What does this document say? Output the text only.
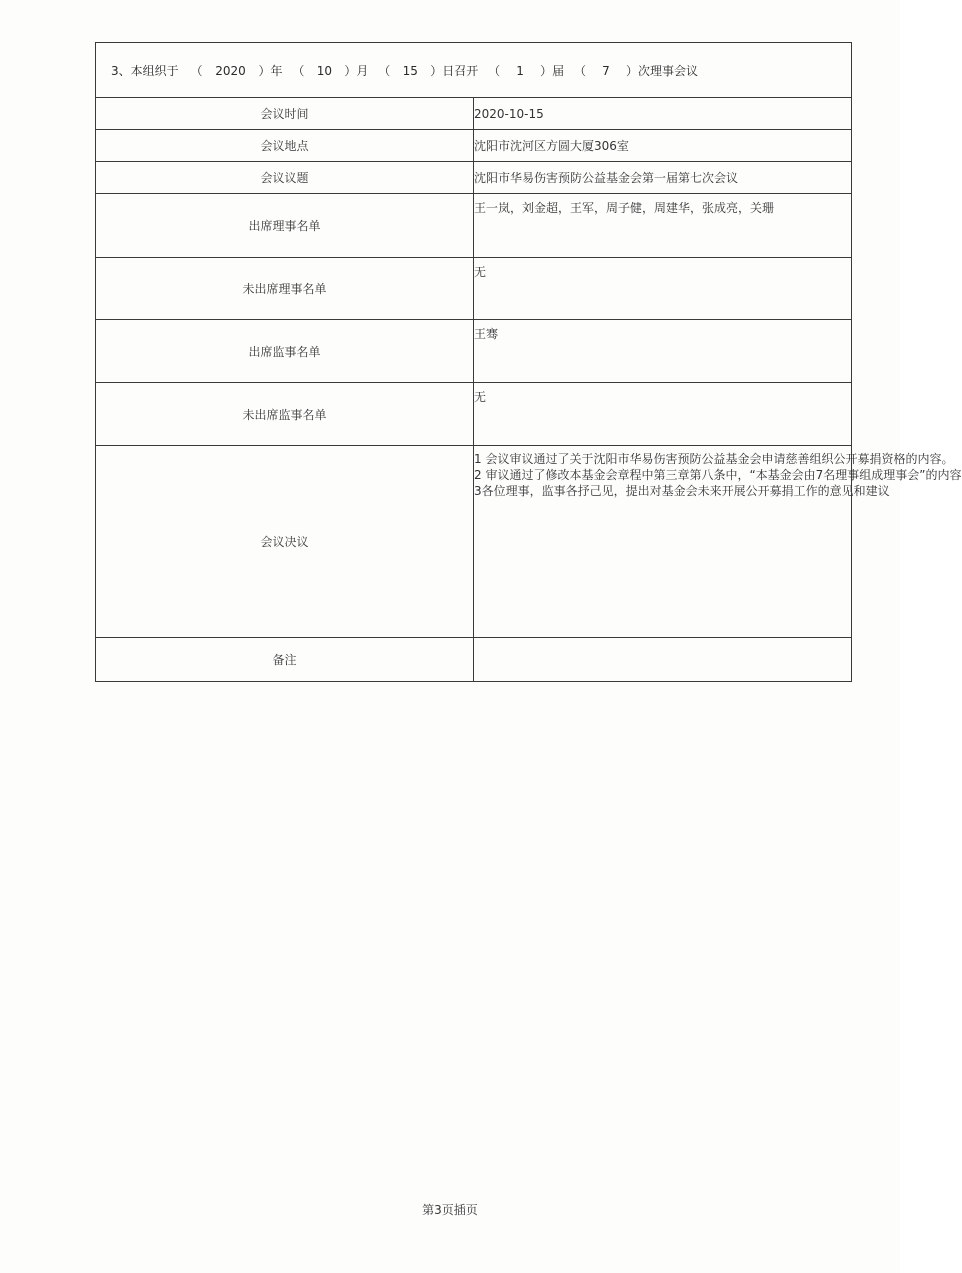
3、本组织于 （ 2020 ）年 （ 10 ）月 （ 15 ）日召开 （ 1 ）届 （ 7 ）次理事会议	
会议时间	2020-10-15
会议地点	沈阳市沈河区方圆大厦306室
会议议题	沈阳市华易伤害预防公益基金会第一届第七次会议
出席理事名单	王一岚，刘金超，王军，周子健，周建华，张成亮，关珊
未出席理事名单	无
出席监事名单	王骞
未出席监事名单	无
会议决议	1 会议审议通过了关于沈阳市华易伤害预防公益基金会申请慈善组织公开募捐资格的内容。
2 审议通过了修改本基金会章程中第三章第八条中，“本基金会由7名理事组成理事会”的内容
3各位理事，监事各抒己见，提出对基金会未来开展公开募捐工作的意见和建议

备注	
第3页插页
